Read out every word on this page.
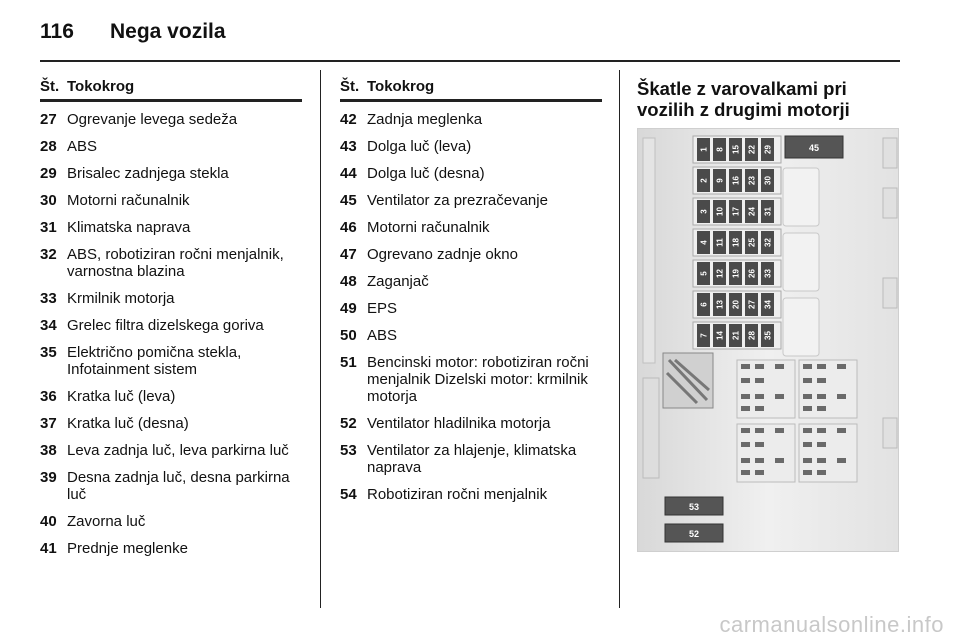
116 Nega vozila
Št. Tokokrog
27 Ogrevanje levega sedeža
28 ABS
29 Brisalec zadnjega stekla
30 Motorni računalnik
31 Klimatska naprava
32 ABS, robotiziran ročni menjalnik, varnostna blazina
33 Krmilnik motorja
34 Grelec filtra dizelskega goriva
35 Električno pomična stekla, Infotainment sistem
36 Kratka luč (leva)
37 Kratka luč (desna)
38 Leva zadnja luč, leva parkirna luč
39 Desna zadnja luč, desna parkirna luč
40 Zavorna luč
41 Prednje meglenke
Št. Tokokrog
42 Zadnja meglenka
43 Dolga luč (leva)
44 Dolga luč (desna)
45 Ventilator za prezračevanje
46 Motorni računalnik
47 Ogrevano zadnje okno
48 Zaganjač
49 EPS
50 ABS
51 Bencinski motor: robotiziran ročni menjalnik Dizelski motor: krmilnik motorja
52 Ventilator hladilnika motorja
53 Ventilator za hlajenje, klimatska naprava
54 Robotiziran ročni menjalnik
Škatle z varovalkami pri vozilih z drugimi motorji
1
2
3
4
5
6
7
8
9
10
11
12
13
14
15
16
17
18
19
20
21
22
23
24
25
26
27
28
29
30
31
32
33
34
35
45
53
52
carmanualsonline.info
